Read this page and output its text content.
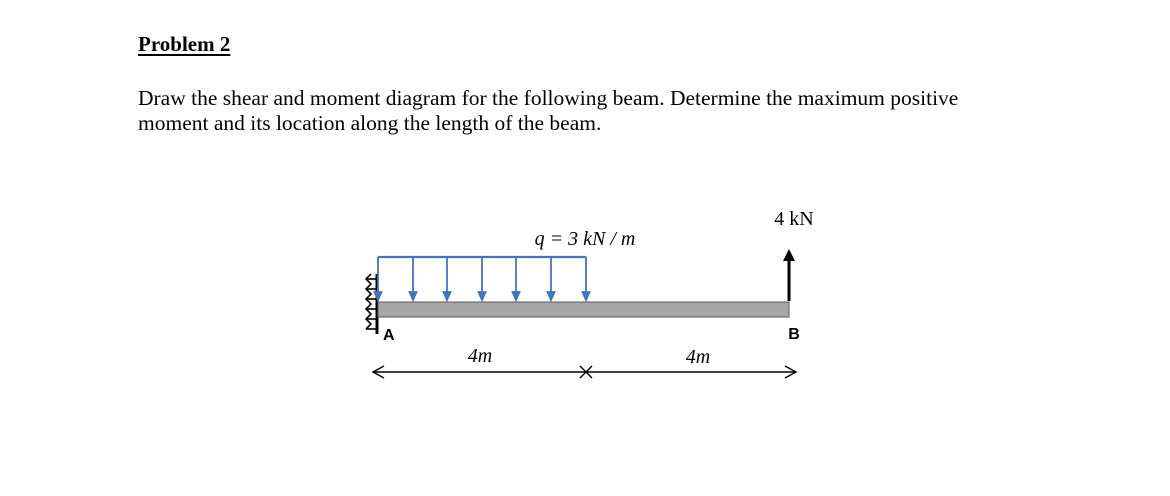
Problem 2
Draw the shear and moment diagram for the following beam. Determine the maximum positive
moment and its location along the length of the beam.
q = 3 kN / m
4 kN
A	B
4m	4m
